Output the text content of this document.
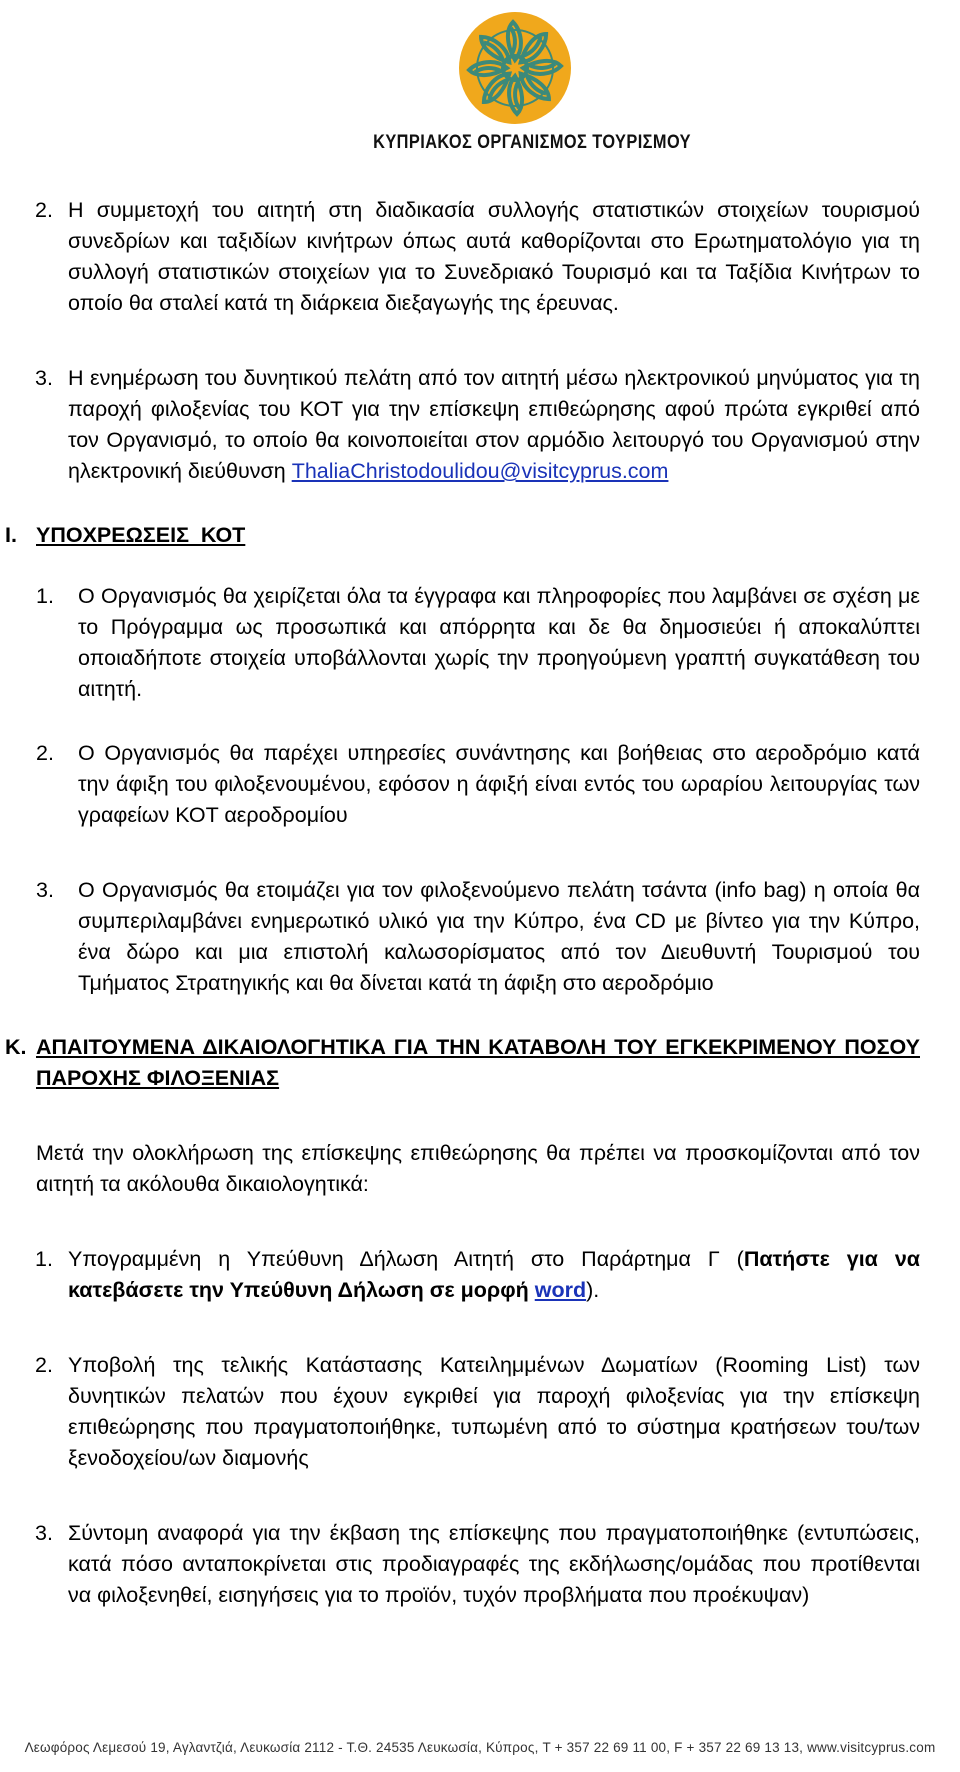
ΚΥΠΡΙΑΚΟΣ ΟΡΓΑΝΙΣΜΟΣ ΤΟΥΡΙΣΜΟΥ
2. Η συμμετοχή του αιτητή στη διαδικασία συλλογής στατιστικών στοιχείων τουρισμού συνεδρίων και ταξιδίων κινήτρων όπως αυτά καθορίζονται στο Ερωτηματολόγιο για τη συλλογή στατιστικών στοιχείων για το Συνεδριακό Τουρισμό και τα Ταξίδια Κινήτρων το οποίο θα σταλεί κατά τη διάρκεια διεξαγωγής της έρευνας.
3. Η ενημέρωση του δυνητικού πελάτη από τον αιτητή μέσω ηλεκτρονικού μηνύματος για τη παροχή φιλοξενίας του ΚΟΤ για την επίσκεψη επιθεώρησης αφού πρώτα εγκριθεί από τον Οργανισμό, το οποίο θα κοινοποιείται στον αρμόδιο λειτουργό του Οργανισμού στην ηλεκτρονική διεύθυνση ThaliaChristodoulidou@visitcyprus.com
Ι. ΥΠΟΧΡΕΩΣΕΙΣ  ΚΟΤ
1. Ο Οργανισμός θα χειρίζεται όλα τα έγγραφα και πληροφορίες που λαμβάνει σε σχέση με το Πρόγραμμα ως προσωπικά και απόρρητα και δε θα δημοσιεύει ή αποκαλύπτει οποιαδήποτε στοιχεία υποβάλλονται χωρίς την προηγούμενη γραπτή συγκατάθεση του αιτητή.
2. Ο Οργανισμός θα παρέχει υπηρεσίες συνάντησης και βοήθειας στο αεροδρόμιο κατά την άφιξη του φιλοξενουμένου, εφόσον η άφιξή είναι εντός του ωραρίου λειτουργίας των γραφείων ΚΟΤ αεροδρομίου
3. Ο Οργανισμός θα ετοιμάζει για τον φιλοξενούμενο πελάτη τσάντα (info bag) η οποία θα συμπεριλαμβάνει ενημερωτικό υλικό για την Κύπρο, ένα CD με βίντεο για την Κύπρο, ένα δώρο και μια επιστολή καλωσορίσματος από τον Διευθυντή Τουρισμού του Τμήματος Στρατηγικής και θα δίνεται κατά τη άφιξη στο αεροδρόμιο
Κ. ΑΠΑΙΤΟΥΜΕΝΑ ΔΙΚΑΙΟΛΟΓΗΤΙΚΑ ΓΙΑ ΤΗΝ ΚΑΤΑΒΟΛΗ ΤΟΥ ΕΓΚΕΚΡΙΜΕΝΟΥ ΠΟΣΟΥ ΠΑΡΟΧΗΣ ΦΙΛΟΞΕΝΙΑΣ
Μετά την ολοκλήρωση της επίσκεψης επιθεώρησης θα πρέπει να προσκομίζονται από τον αιτητή τα ακόλουθα δικαιολογητικά:
1. Υπογραμμένη η Υπεύθυνη Δήλωση Αιτητή στο Παράρτημα Γ (Πατήστε για να κατεβάσετε την Υπεύθυνη Δήλωση σε μορφή word).
2. Υποβολή της τελικής Κατάστασης Κατειλημμένων Δωματίων (Rooming List) των δυνητικών πελατών που έχουν εγκριθεί για παροχή φιλοξενίας για την επίσκεψη επιθεώρησης που πραγματοποιήθηκε, τυπωμένη από το σύστημα κρατήσεων του/των ξενοδοχείου/ων διαμονής
3. Σύντομη αναφορά για την έκβαση της επίσκεψης που πραγματοποιήθηκε (εντυπώσεις, κατά πόσο ανταποκρίνεται στις προδιαγραφές της εκδήλωσης/ομάδας που προτίθενται να φιλοξενηθεί, εισηγήσεις για το προϊόν, τυχόν προβλήματα που προέκυψαν)
Λεωφόρος Λεμεσού 19, Αγλαντζιά, Λευκωσία 2112 - Τ.Θ. 24535 Λευκωσία, Κύπρος, T + 357 22 69 11 00, F + 357 22 69 13 13, www.visitcyprus.com
